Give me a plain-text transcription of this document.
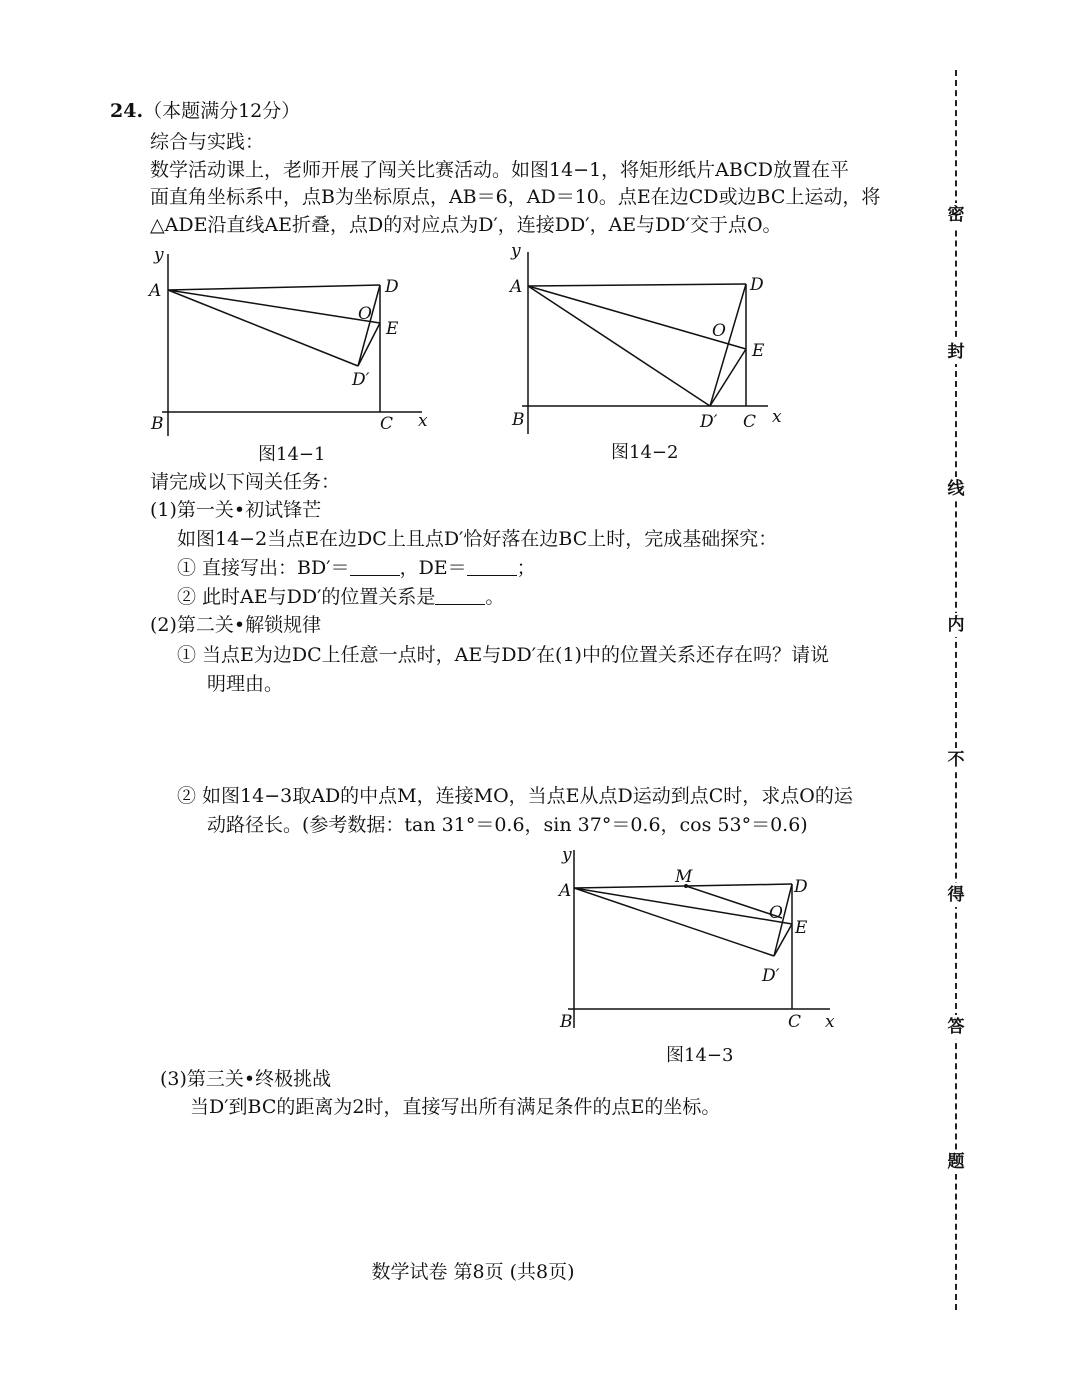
24.（本题满分12分）
综合与实践：
数学活动课上，老师开展了闯关比赛活动。如图14−1，将矩形纸片ABCD放置在平
面直角坐标系中，点B为坐标原点，AB＝6，AD＝10。点E在边CD或边BC上运动，将
△ADE沿直线AE折叠，点D的对应点为D′，连接DD′，AE与DD′交于点O。
y
A	D
O
E
D′
B	C x
图14−1
y
A	D
O
E
D′
B	C x
图14−2
请完成以下闯关任务：
(1)第一关•初试锋芒
如图14−2当点E在边DC上且点D′恰好落在边BC上时，完成基础探究：
① 直接写出：BD′＝	，DE＝	；
② 此时AE与DD′的位置关系是	。
(2)第二关•解锁规律
① 当点E为边DC上任意一点时，AE与DD′在(1)中的位置关系还存在吗？请说
明理由。
② 如图14−3取AD的中点M，连接MO，当点E从点D运动到点C时，求点O的运
动路径长。(参考数据：tan 31°＝0.6，sin 37°＝0.6，cos 53°＝0.6)
y
A
M	D
O
E
D′
B	C x
图14−3
(3)第三关•终极挑战
当D′到BC的距离为2时，直接写出所有满足条件的点E的坐标。
数学试卷 第8页 (共8页)
密
封
线
内
不
得
答
题
